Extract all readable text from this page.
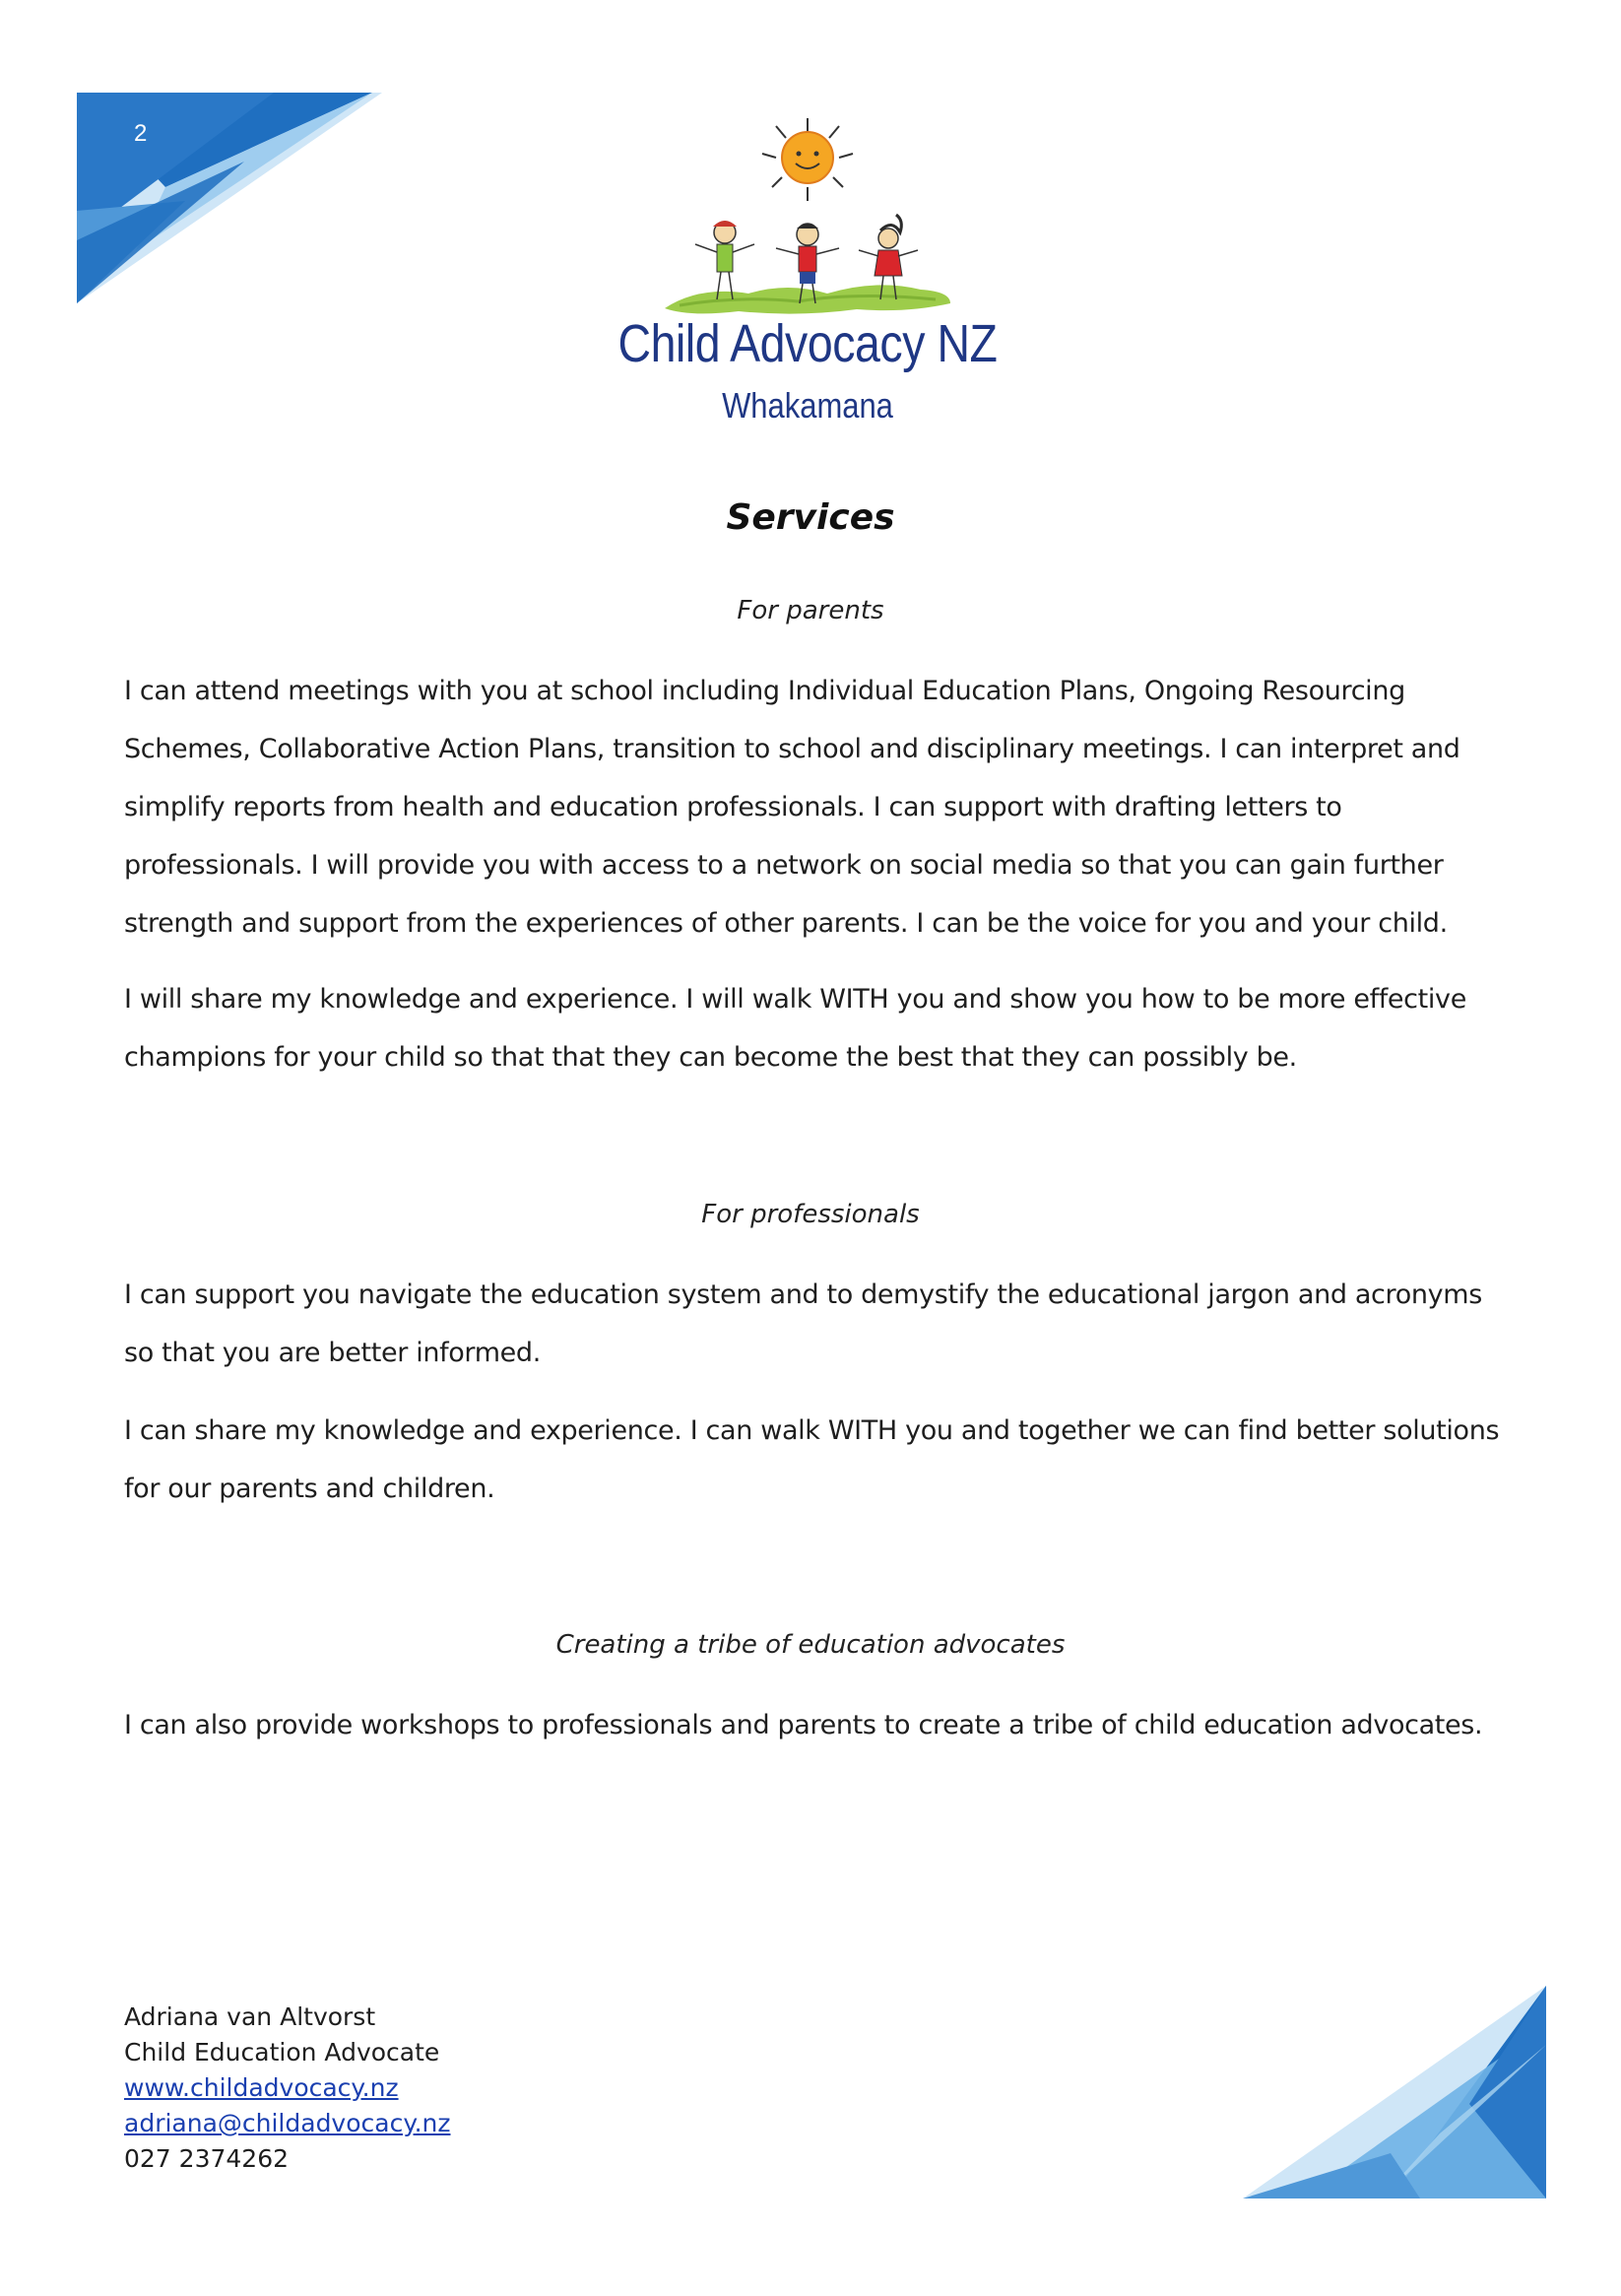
2
Child Advocacy NZ
Whakamana
Services
For parents

I can attend meetings with you at school including Individual Education Plans, Ongoing Resourcing Schemes, Collaborative Action Plans, transition to school and disciplinary meetings. I can interpret and simplify reports from health and education professionals. I can support with drafting letters to professionals. I will provide you with access to a network on social media so that you can gain further strength and support from the experiences of other parents. I can be the voice for you and your child.

I will share my knowledge and experience. I will walk WITH you and show you how to be more effective champions for your child so that that they can become the best that they can possibly be.

For professionals

I can support you navigate the education system and to demystify the educational jargon and acronyms so that you are better informed.

I can share my knowledge and experience. I can walk WITH you and together we can find better solutions for our parents and children.

Creating a tribe of education advocates

I can also provide workshops to professionals and parents to create a tribe of child education advocates.

Adriana van Altvorst
Child Education Advocate
www.childadvocacy.nz
adriana@childadvocacy.nz
027 2374262
